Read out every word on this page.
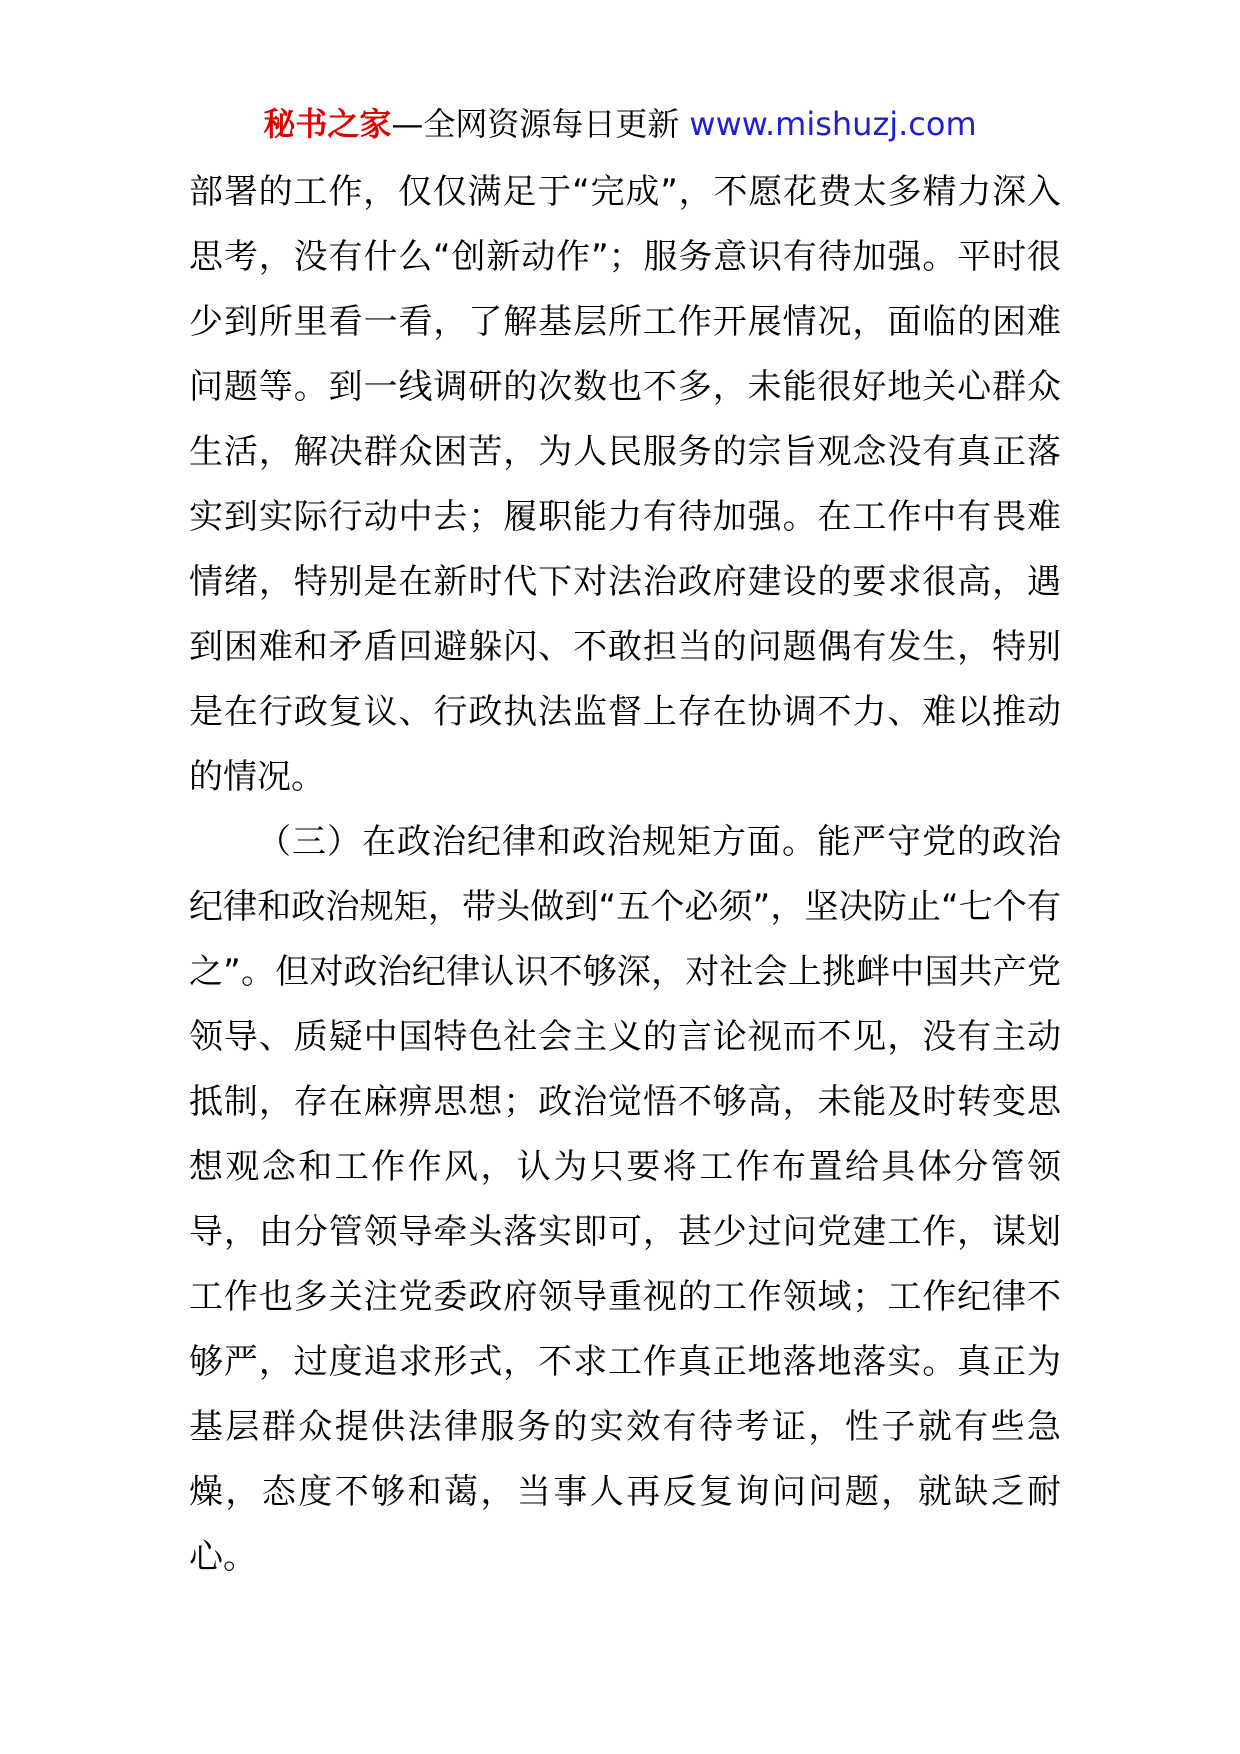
秘书之家—全网资源每日更新 www.mishuzj.com

部署的工作，仅仅满足于“完成”，不愿花费太多精力深入思考，没有什么“创新动作”；服务意识有待加强。平时很少到所里看一看，了解基层所工作开展情况，面临的困难问题等。到一线调研的次数也不多，未能很好地关心群众生活，解决群众困苦，为人民服务的宗旨观念没有真正落实到实际行动中去；履职能力有待加强。在工作中有畏难情绪，特别是在新时代下对法治政府建设的要求很高，遇到困难和矛盾回避躲闪、不敢担当的问题偶有发生，特别是在行政复议、行政执法监督上存在协调不力、难以推动的情况。

（三）在政治纪律和政治规矩方面。能严守党的政治纪律和政治规矩，带头做到“五个必须”，坚决防止“七个有之”。但对政治纪律认识不够深，对社会上挑衅中国共产党领导、质疑中国特色社会主义的言论视而不见，没有主动抵制，存在麻痹思想；政治觉悟不够高，未能及时转变思想观念和工作作风，认为只要将工作布置给具体分管领导，由分管领导牵头落实即可，甚少过问党建工作，谋划工作也多关注党委政府领导重视的工作领域；工作纪律不够严，过度追求形式，不求工作真正地落地落实。真正为基层群众提供法律服务的实效有待考证，性子就有些急燥，态度不够和蔼，当事人再反复询问问题，就缺乏耐心。
